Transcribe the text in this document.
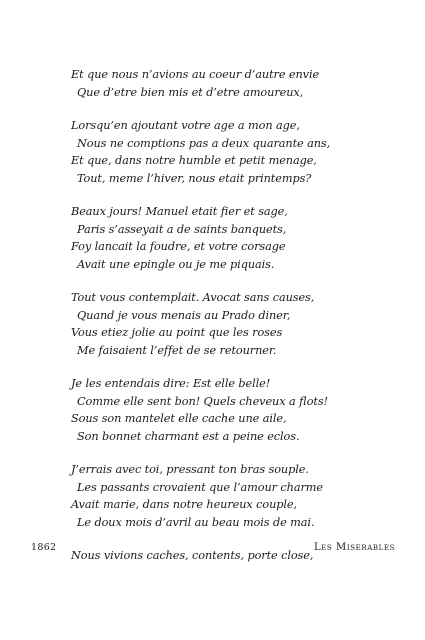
Et que nous n’avions au coeur d’autre envie
Que d’etre bien mis et d’etre amoureux,
Lorsqu’en ajoutant votre age a mon age,
Nous ne comptions pas a deux quarante ans,
Et que, dans notre humble et petit menage,
Tout, meme l’hiver, nous etait printemps?
Beaux jours! Manuel etait fier et sage,
Paris s’asseyait a de saints banquets,
Foy lancait la foudre, et votre corsage
Avait une epingle ou je me piquais.
Tout vous contemplait. Avocat sans causes,
Quand je vous menais au Prado diner,
Vous etiez jolie au point que les roses
Me faisaient l’effet de se retourner.
Je les entendais dire: Est elle belle!
Comme elle sent bon! Quels cheveux a flots!
Sous son mantelet elle cache une aile,
Son bonnet charmant est a peine eclos.
J’errais avec toi, pressant ton bras souple.
Les passants crovaient que l’amour charme
Avait marie, dans notre heureux couple,
Le doux mois d’avril au beau mois de mai.
Nous vivions caches, contents, porte close,
1862	Les Miserables
